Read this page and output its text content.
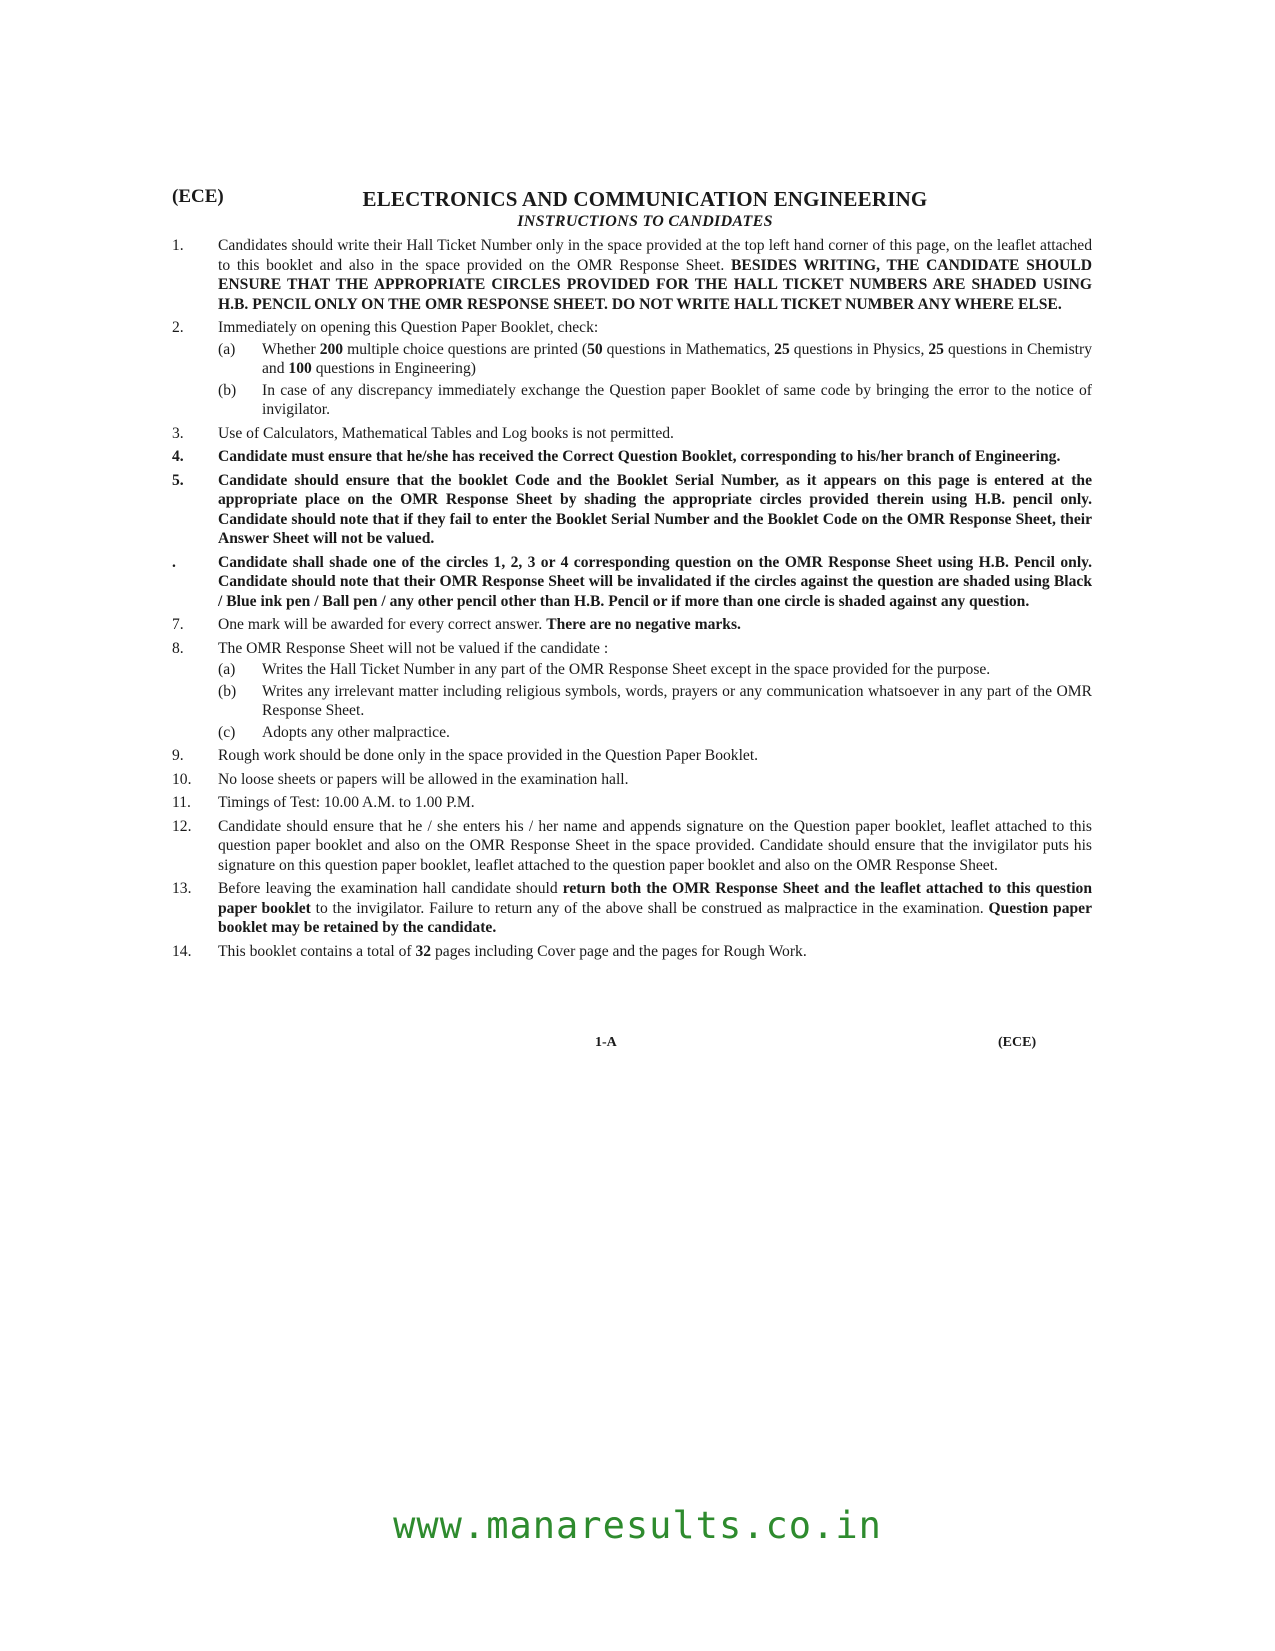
(ECE)	ELECTRONICS AND COMMUNICATION ENGINEERING
INSTRUCTIONS TO CANDIDATES
1.	Candidates should write their Hall Ticket Number only in the space provided at the top left hand corner of this page, on the leaflet attached to this booklet and also in the space provided on the OMR Response Sheet. BESIDES WRITING, THE CANDIDATE SHOULD ENSURE THAT THE APPROPRIATE CIRCLES PROVIDED FOR THE HALL TICKET NUMBERS ARE SHADED USING H.B. PENCIL ONLY ON THE OMR RESPONSE SHEET. DO NOT WRITE HALL TICKET NUMBER ANY WHERE ELSE.
2.	Immediately on opening this Question Paper Booklet, check:
(a) Whether 200 multiple choice questions are printed (50 questions in Mathematics, 25 questions in Physics, 25 questions in Chemistry and 100 questions in Engineering)
(b) In case of any discrepancy immediately exchange the Question paper Booklet of same code by bringing the error to the notice of invigilator.
3.	Use of Calculators, Mathematical Tables and Log books is not permitted.
4.	Candidate must ensure that he/she has received the Correct Question Booklet, corresponding to his/her branch of Engineering.
5.	Candidate should ensure that the booklet Code and the Booklet Serial Number, as it appears on this page is entered at the appropriate place on the OMR Response Sheet by shading the appropriate circles provided therein using H.B. pencil only. Candidate should note that if they fail to enter the Booklet Serial Number and the Booklet Code on the OMR Response Sheet, their Answer Sheet will not be valued.
.	Candidate shall shade one of the circles 1, 2, 3 or 4 corresponding question on the OMR Response Sheet using H.B. Pencil only. Candidate should note that their OMR Response Sheet will be invalidated if the circles against the question are shaded using Black / Blue ink pen / Ball pen / any other pencil other than H.B. Pencil or if more than one circle is shaded against any question.
7.	One mark will be awarded for every correct answer. There are no negative marks.
8.	The OMR Response Sheet will not be valued if the candidate :
(a) Writes the Hall Ticket Number in any part of the OMR Response Sheet except in the space provided for the purpose.
(b) Writes any irrelevant matter including religious symbols, words, prayers or any communication whatsoever in any part of the OMR Response Sheet.
(c) Adopts any other malpractice.
9.	Rough work should be done only in the space provided in the Question Paper Booklet.
10.	No loose sheets or papers will be allowed in the examination hall.
11.	Timings of Test: 10.00 A.M. to 1.00 P.M.
12.	Candidate should ensure that he / she enters his / her name and appends signature on the Question paper booklet, leaflet attached to this question paper booklet and also on the OMR Response Sheet in the space provided. Candidate should ensure that the invigilator puts his signature on this question paper booklet, leaflet attached to the question paper booklet and also on the OMR Response Sheet.
13.	Before leaving the examination hall candidate should return both the OMR Response Sheet and the leaflet attached to this question paper booklet to the invigilator. Failure to return any of the above shall be construed as malpractice in the examination. Question paper booklet may be retained by the candidate.
14.	This booklet contains a total of 32 pages including Cover page and the pages for Rough Work.
1-A	(ECE)
www.manaresults.co.in
